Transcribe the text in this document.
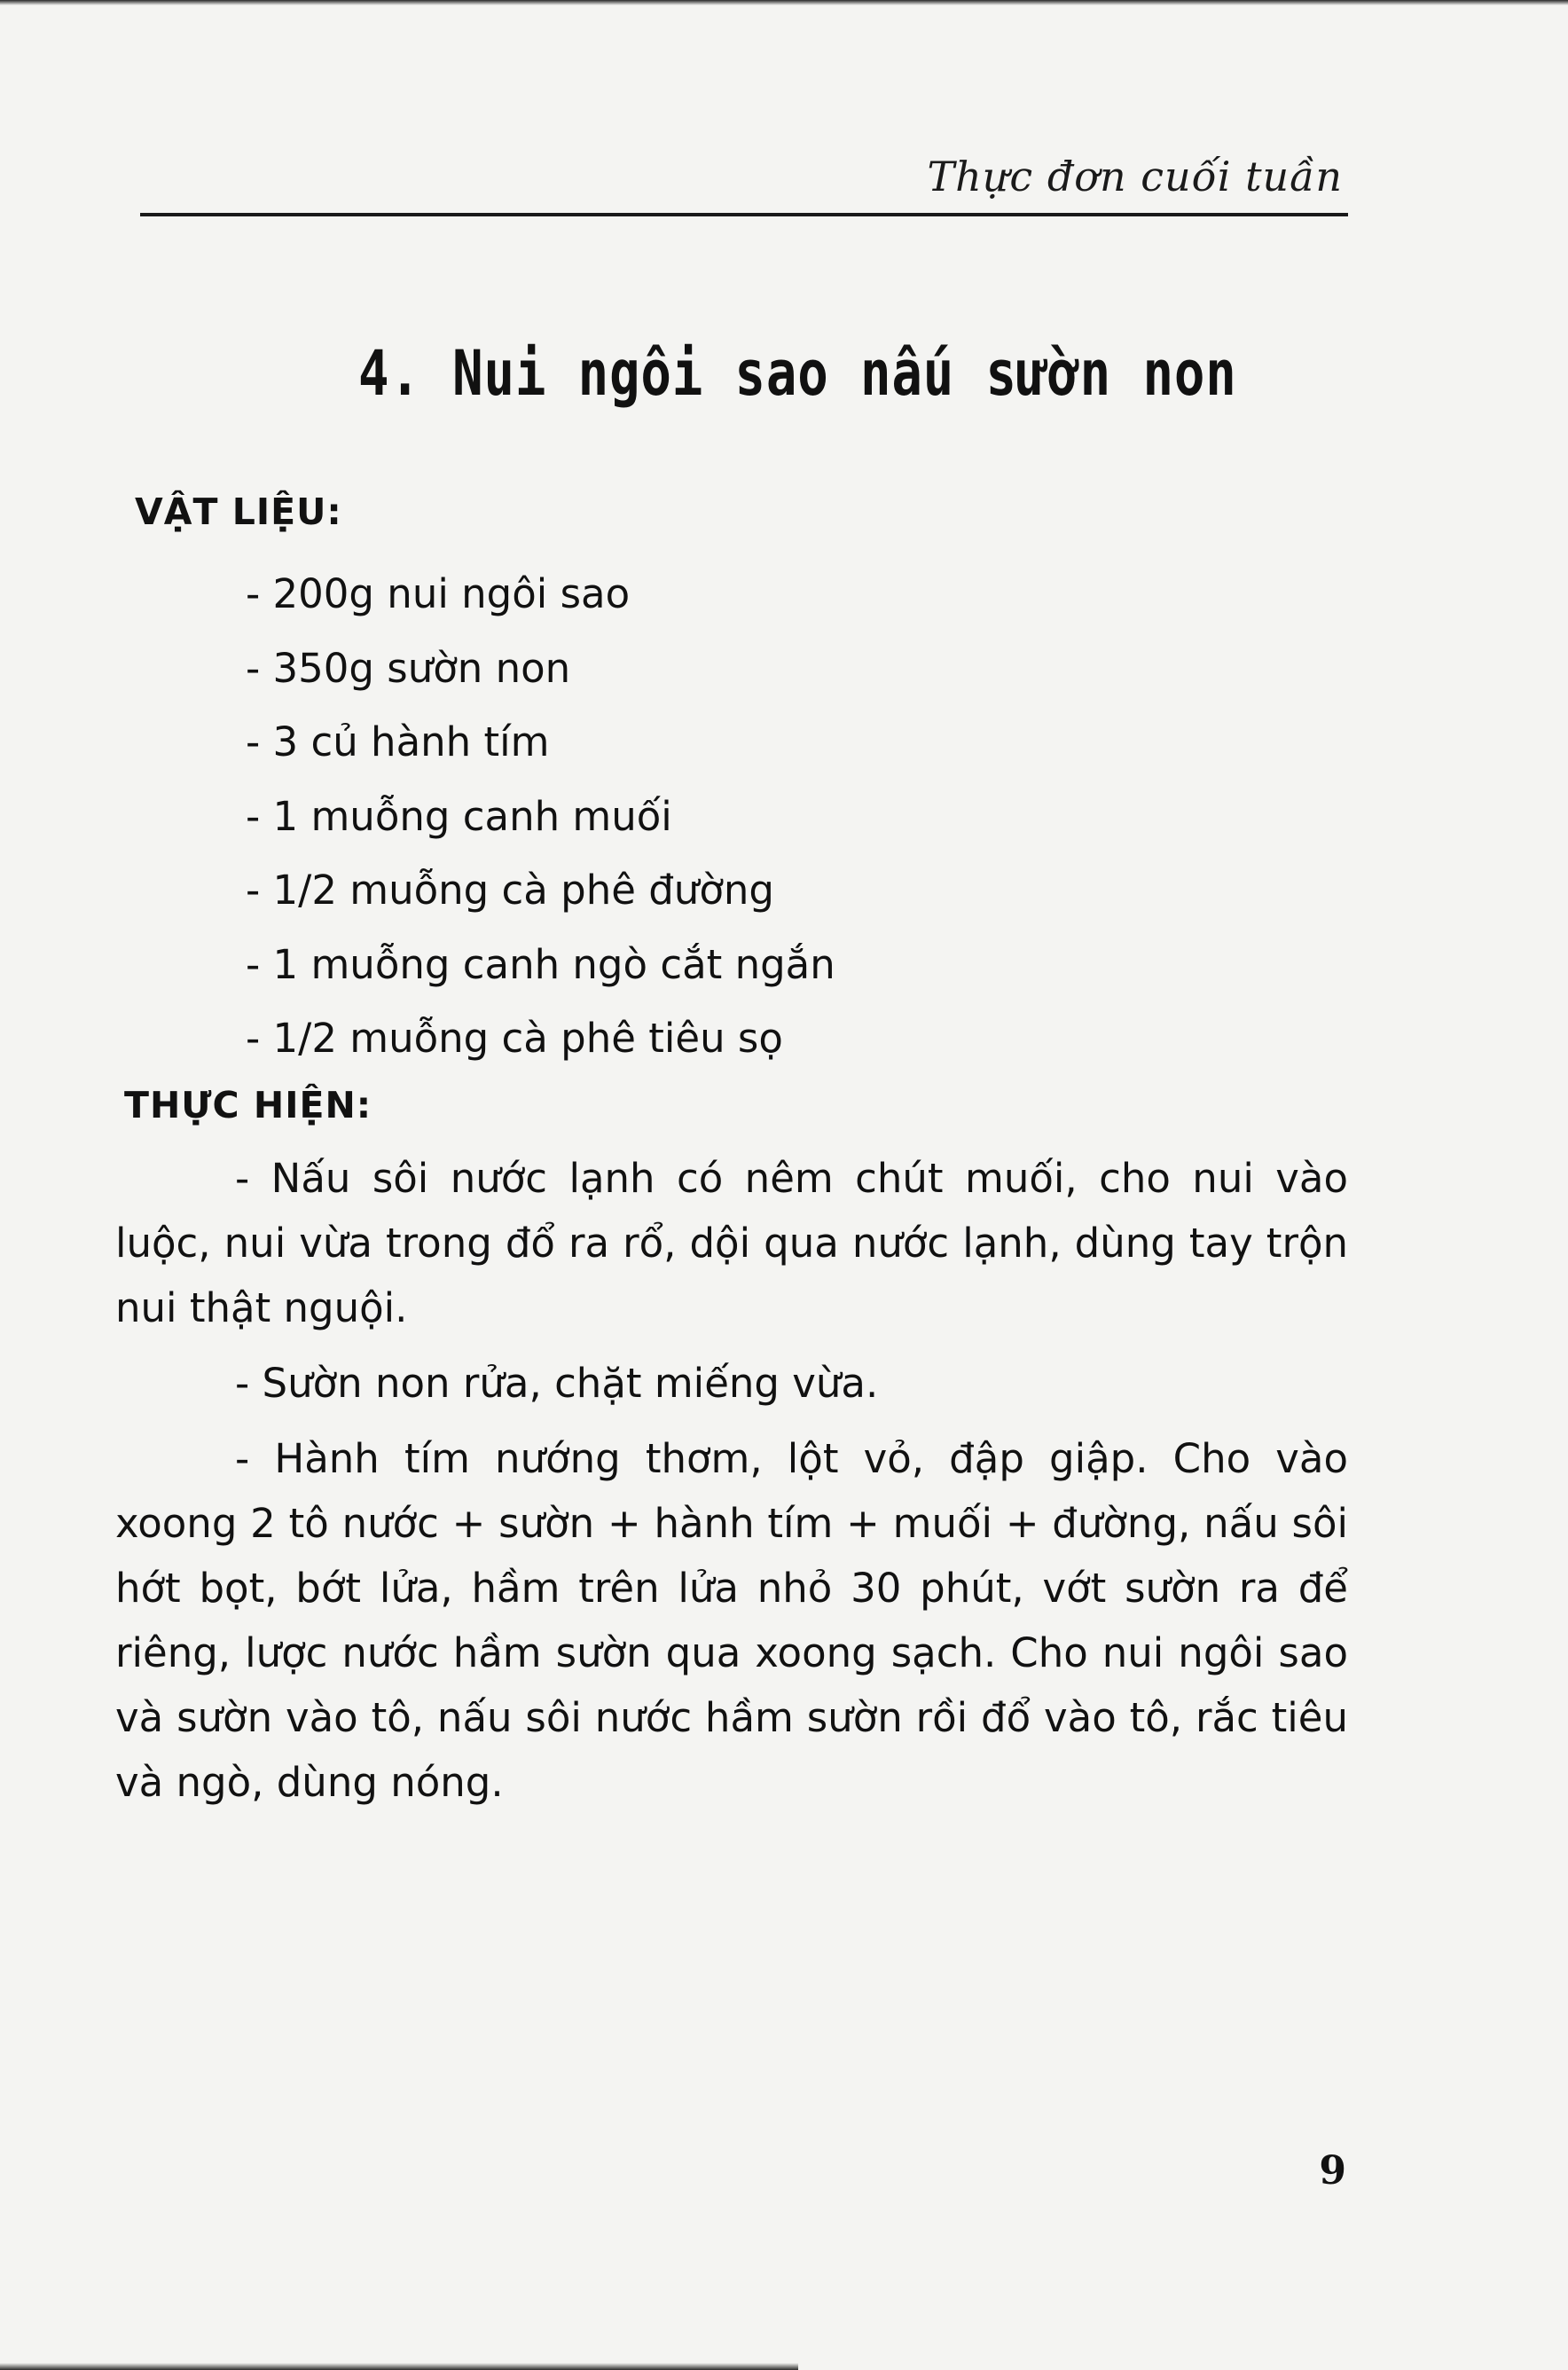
Thực đơn cuối tuần
4. Nui ngôi sao nấu sườn non
VẬT LIỆU:
- 200g nui ngôi sao
- 350g sườn non
- 3 củ hành tím
- 1 muỗng canh muối
- 1/2 muỗng cà phê đường
- 1 muỗng canh ngò cắt ngắn
- 1/2 muỗng cà phê tiêu sọ
THỰC HIỆN:

- Nấu sôi nước lạnh có nêm chút muối, cho nui vào luộc, nui vừa trong đổ ra rổ, dội qua nước lạnh, dùng tay trộn nui thật nguội.

- Sườn non rửa, chặt miếng vừa.

- Hành tím nướng thơm, lột vỏ, đập giập. Cho vào xoong 2 tô nước + sườn + hành tím + muối + đường, nấu sôi hớt bọt, bớt lửa, hầm trên lửa nhỏ 30 phút, vớt sườn ra để riêng, lược nước hầm sườn qua xoong sạch. Cho nui ngôi sao và sườn vào tô, nấu sôi nước hầm sườn rồi đổ vào tô, rắc tiêu và ngò, dùng nóng.

9
